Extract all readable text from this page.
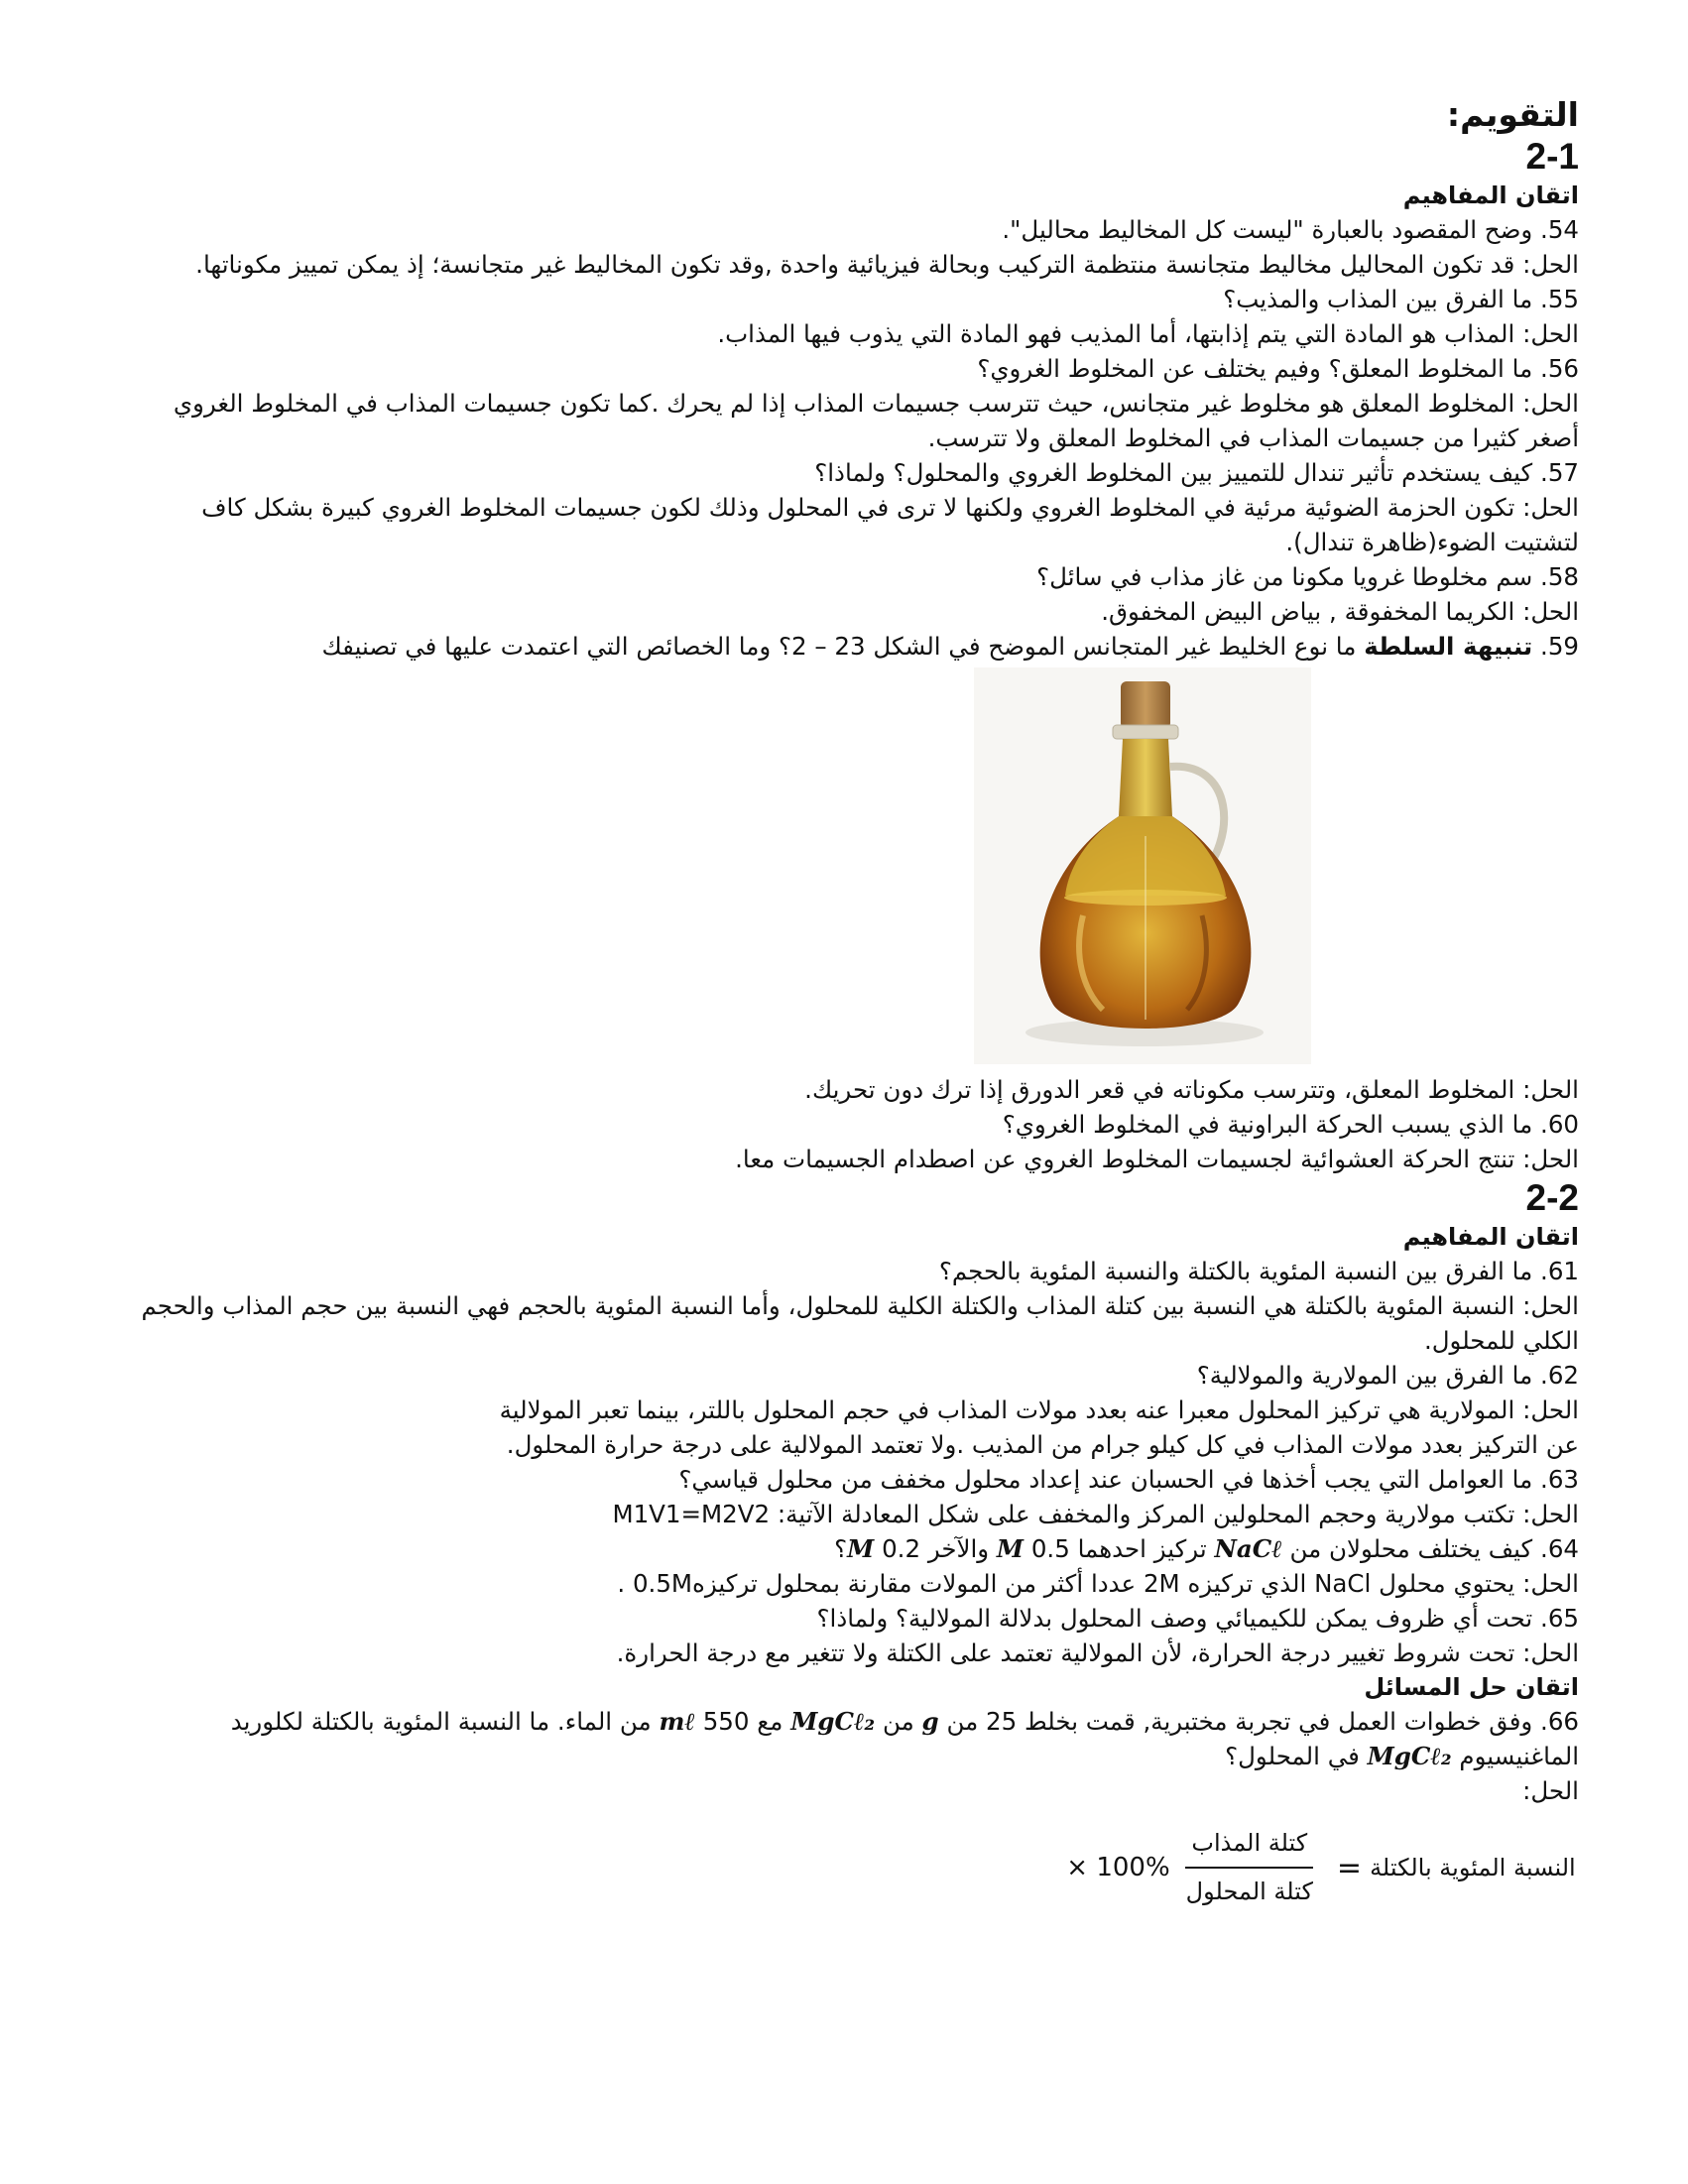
التقويم:

2-1

اتقان المفاهيم

54. وضح المقصود بالعبارة "ليست كل المخاليط محاليل".

الحل: قد تكون المحاليل مخاليط متجانسة منتظمة التركيب وبحالة فيزيائية واحدة ,وقد تكون المخاليط غير متجانسة؛ إذ يمكن تمييز مكوناتها.

55. ما الفرق بين المذاب والمذيب؟

الحل: المذاب هو المادة التي يتم إذابتها، أما المذيب فهو المادة التي يذوب فيها المذاب.

56. ما المخلوط المعلق؟ وفيم يختلف عن المخلوط الغروي؟

الحل: المخلوط المعلق هو مخلوط غير متجانس، حيث تترسب جسيمات المذاب إذا لم يحرك .كما تكون جسيمات المذاب في المخلوط الغروي أصغر كثيرا من جسيمات المذاب في المخلوط المعلق ولا تترسب.

57. كيف يستخدم تأثير تندال للتمييز بين المخلوط الغروي والمحلول؟ ولماذا؟

الحل: تكون الحزمة الضوئية مرئية في المخلوط الغروي ولكنها لا ترى في المحلول وذلك لكون جسيمات المخلوط الغروي كبيرة بشكل كاف لتشتيت الضوء(ظاهرة تندال).

58. سم مخلوطا غرويا مكونا من غاز مذاب في سائل؟

الحل: الكريما المخفوقة , بياض البيض المخفوق.

59. تنبيهة السلطة ما نوع الخليط غير المتجانس الموضح في الشكل 23 – 2؟ وما الخصائص التي اعتمدت عليها في تصنيفك

الحل: المخلوط المعلق، وتترسب مكوناته في قعر الدورق إذا ترك دون تحريك.

60. ما الذي يسبب الحركة البراونية في المخلوط الغروي؟

الحل: تنتج الحركة العشوائية لجسيمات المخلوط الغروي عن اصطدام الجسيمات معا.

2-2

اتقان المفاهيم

61. ما الفرق بين النسبة المئوية بالكتلة والنسبة المئوية بالحجم؟

الحل: النسبة المئوية بالكتلة هي النسبة بين كتلة المذاب والكتلة الكلية للمحلول، وأما النسبة المئوية بالحجم فهي النسبة بين حجم المذاب والحجم الكلي للمحلول.

62. ما الفرق بين المولارية والمولالية؟

الحل: المولارية هي تركيز المحلول معبرا عنه بعدد مولات المذاب في حجم المحلول باللتر، بينما تعبر المولالية

عن التركيز بعدد مولات المذاب في كل كيلو جرام من المذيب .ولا تعتمد المولالية على درجة حرارة المحلول.

63. ما العوامل التي يجب أخذها في الحسبان عند إعداد محلول مخفف من محلول قياسي؟

الحل: تكتب مولارية وحجم المحلولين المركز والمخفف على شكل المعادلة الآتية: M1V1=M2V2

64. كيف يختلف محلولان من NaCℓ تركيز احدهما 0.5 M والآخر 0.2 M؟

الحل: يحتوي محلول NaCl الذي تركيزه 2M عددا أكثر من المولات مقارنة بمحلول تركيزه0.5M .

65. تحت أي ظروف يمكن للكيميائي وصف المحلول بدلالة المولالية؟ ولماذا؟

الحل: تحت شروط تغيير درجة الحرارة، لأن المولالية تعتمد على الكتلة ولا تتغير مع درجة الحرارة.

اتقان حل المسائل

66. وفق خطوات العمل في تجربة مختبرية, قمت بخلط 25 من g من MgCℓ₂ مع 550 mℓ من الماء. ما النسبة المئوية بالكتلة لكلوريد الماغنيسيوم MgCℓ₂ في المحلول؟

الحل:

النسبة المئوية بالكتلة
=
$\frac{\text{كتلة المذاب}}{\text{كتلة المحلول}}$
× 100%
